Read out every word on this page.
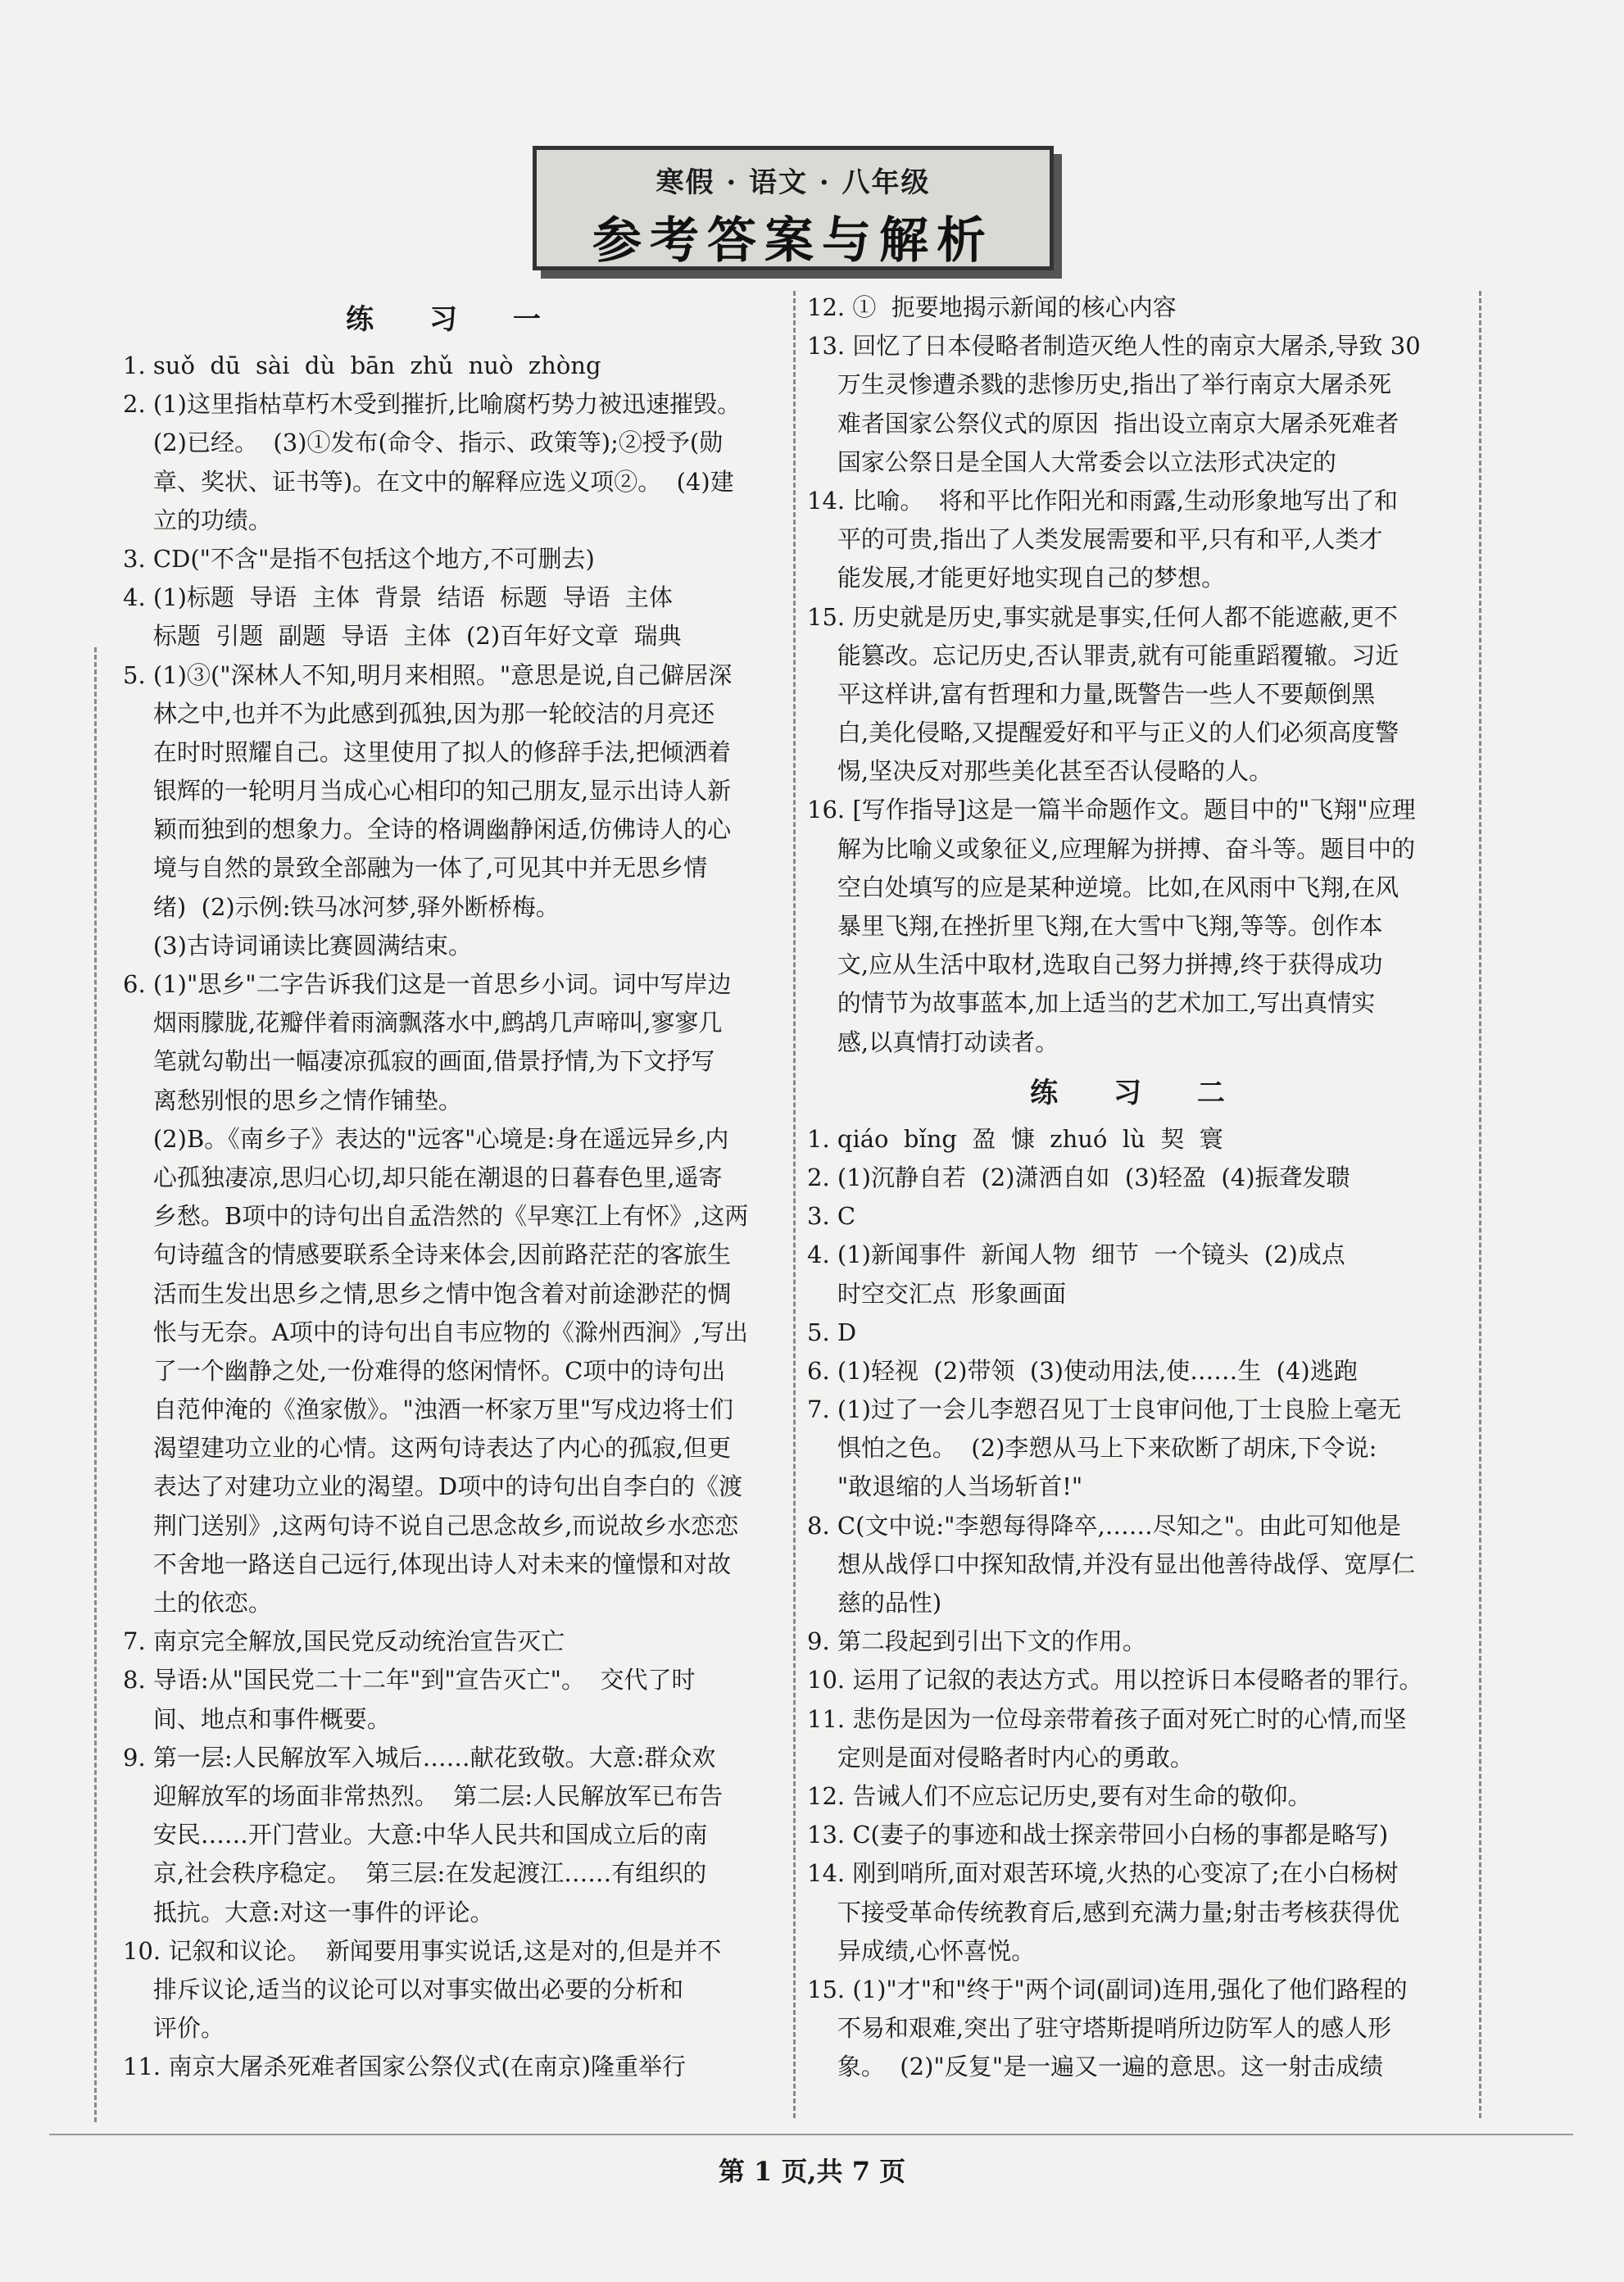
寒假 · 语文 · 八年级
参考答案与解析
练 习 一
1. suǒ  dū  sài  dù  bān  zhǔ  nuò  zhòng
2. (1)这里指枯草朽木受到摧折,比喻腐朽势力被迅速摧毁。
(2)已经。  (3)①发布(命令、指示、政策等);②授予(勋
章、奖状、证书等)。在文中的解释应选义项②。  (4)建
立的功绩。
3. CD("不含"是指不包括这个地方,不可删去)
4. (1)标题  导语  主体  背景  结语  标题  导语  主体
标题  引题  副题  导语  主体  (2)百年好文章  瑞典
5. (1)③("深林人不知,明月来相照。"意思是说,自己僻居深
林之中,也并不为此感到孤独,因为那一轮皎洁的月亮还
在时时照耀自己。这里使用了拟人的修辞手法,把倾洒着
银辉的一轮明月当成心心相印的知己朋友,显示出诗人新
颖而独到的想象力。全诗的格调幽静闲适,仿佛诗人的心
境与自然的景致全部融为一体了,可见其中并无思乡情
绪)  (2)示例:铁马冰河梦,驿外断桥梅。
(3)古诗词诵读比赛圆满结束。
6. (1)"思乡"二字告诉我们这是一首思乡小词。词中写岸边
烟雨朦胧,花瓣伴着雨滴飘落水中,鹧鸪几声啼叫,寥寥几
笔就勾勒出一幅凄凉孤寂的画面,借景抒情,为下文抒写
离愁别恨的思乡之情作铺垫。
(2)B。《南乡子》表达的"远客"心境是:身在遥远异乡,内
心孤独凄凉,思归心切,却只能在潮退的日暮春色里,遥寄
乡愁。B项中的诗句出自孟浩然的《早寒江上有怀》,这两
句诗蕴含的情感要联系全诗来体会,因前路茫茫的客旅生
活而生发出思乡之情,思乡之情中饱含着对前途渺茫的惆
怅与无奈。A项中的诗句出自韦应物的《滁州西涧》,写出
了一个幽静之处,一份难得的悠闲情怀。C项中的诗句出
自范仲淹的《渔家傲》。"浊酒一杯家万里"写戍边将士们
渴望建功立业的心情。这两句诗表达了内心的孤寂,但更
表达了对建功立业的渴望。D项中的诗句出自李白的《渡
荆门送别》,这两句诗不说自己思念故乡,而说故乡水恋恋
不舍地一路送自己远行,体现出诗人对未来的憧憬和对故
土的依恋。
7. 南京完全解放,国民党反动统治宣告灭亡
8. 导语:从"国民党二十二年"到"宣告灭亡"。  交代了时
间、地点和事件概要。
9. 第一层:人民解放军入城后……献花致敬。大意:群众欢
迎解放军的场面非常热烈。  第二层:人民解放军已布告
安民……开门营业。大意:中华人民共和国成立后的南
京,社会秩序稳定。  第三层:在发起渡江……有组织的
抵抗。大意:对这一事件的评论。
10. 记叙和议论。  新闻要用事实说话,这是对的,但是并不
排斥议论,适当的议论可以对事实做出必要的分析和
评价。
11. 南京大屠杀死难者国家公祭仪式(在南京)隆重举行
12. ①  扼要地揭示新闻的核心内容
13. 回忆了日本侵略者制造灭绝人性的南京大屠杀,导致 30
万生灵惨遭杀戮的悲惨历史,指出了举行南京大屠杀死
难者国家公祭仪式的原因  指出设立南京大屠杀死难者
国家公祭日是全国人大常委会以立法形式决定的
14. 比喻。  将和平比作阳光和雨露,生动形象地写出了和
平的可贵,指出了人类发展需要和平,只有和平,人类才
能发展,才能更好地实现自己的梦想。
15. 历史就是历史,事实就是事实,任何人都不能遮蔽,更不
能篡改。忘记历史,否认罪责,就有可能重蹈覆辙。习近
平这样讲,富有哲理和力量,既警告一些人不要颠倒黑
白,美化侵略,又提醒爱好和平与正义的人们必须高度警
惕,坚决反对那些美化甚至否认侵略的人。
16. [写作指导]这是一篇半命题作文。题目中的"飞翔"应理
解为比喻义或象征义,应理解为拼搏、奋斗等。题目中的
空白处填写的应是某种逆境。比如,在风雨中飞翔,在风
暴里飞翔,在挫折里飞翔,在大雪中飞翔,等等。创作本
文,应从生活中取材,选取自己努力拼搏,终于获得成功
的情节为故事蓝本,加上适当的艺术加工,写出真情实
感,以真情打动读者。
练 习 二
1. qiáo  bǐng  盈  慷  zhuó  lù  契  寰
2. (1)沉静自若  (2)潇洒自如  (3)轻盈  (4)振聋发聩
3. C
4. (1)新闻事件  新闻人物  细节  一个镜头  (2)成点
时空交汇点  形象画面
5. D
6. (1)轻视  (2)带领  (3)使动用法,使……生  (4)逃跑
7. (1)过了一会儿李愬召见丁士良审问他,丁士良脸上毫无
惧怕之色。  (2)李愬从马上下来砍断了胡床,下令说:
"敢退缩的人当场斩首!"
8. C(文中说:"李愬每得降卒,……尽知之"。由此可知他是
想从战俘口中探知敌情,并没有显出他善待战俘、宽厚仁
慈的品性)
9. 第二段起到引出下文的作用。
10. 运用了记叙的表达方式。用以控诉日本侵略者的罪行。
11. 悲伤是因为一位母亲带着孩子面对死亡时的心情,而坚
定则是面对侵略者时内心的勇敢。
12. 告诫人们不应忘记历史,要有对生命的敬仰。
13. C(妻子的事迹和战士探亲带回小白杨的事都是略写)
14. 刚到哨所,面对艰苦环境,火热的心变凉了;在小白杨树
下接受革命传统教育后,感到充满力量;射击考核获得优
异成绩,心怀喜悦。
15. (1)"才"和"终于"两个词(副词)连用,强化了他们路程的
不易和艰难,突出了驻守塔斯提哨所边防军人的感人形
象。  (2)"反复"是一遍又一遍的意思。这一射击成绩
第 1 页,共 7 页
